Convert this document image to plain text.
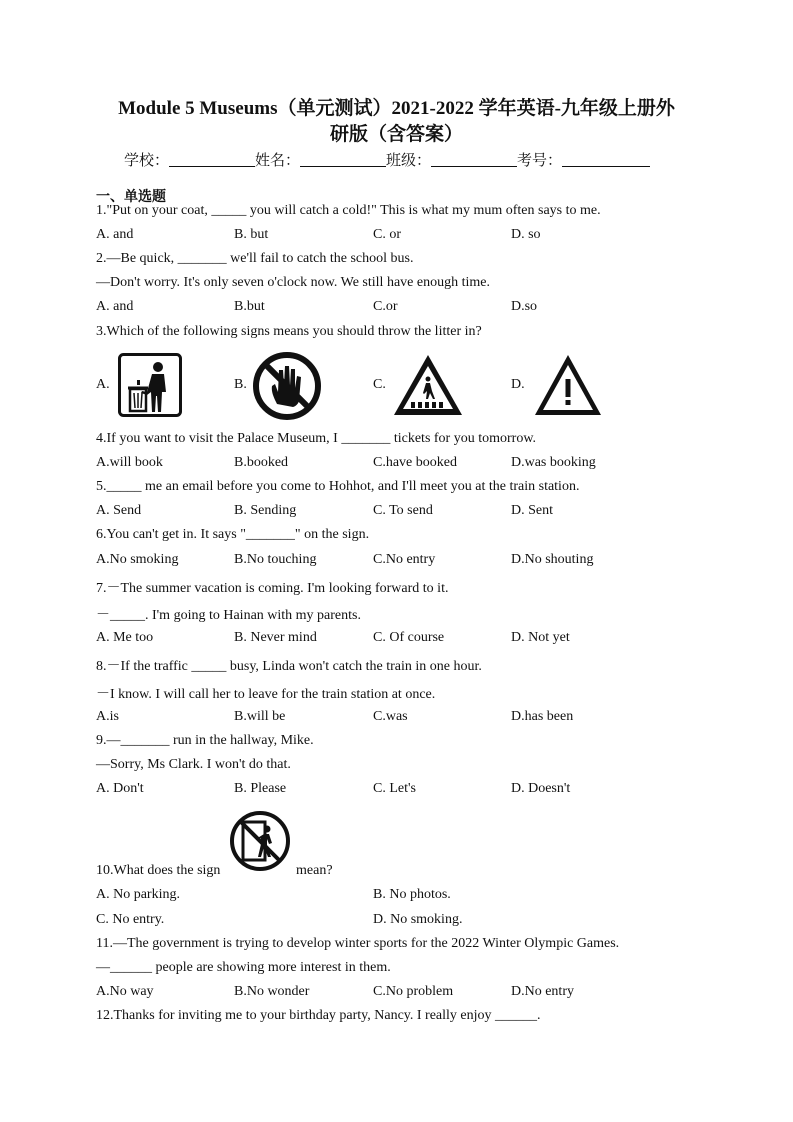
Module 5 Museums（单元测试）2021-2022 学年英语-九年级上册外
研版（含答案）
学校：	姓名：	班级：	考号：
一、单选题
1."Put on your coat, _____ you will catch a cold!" This is what my mum often says to me.
A. and	B. but	C. or	D. so
2.—Be quick, _______ we'll fail to catch the school bus.
—Don't worry. It's only seven o'clock now. We still have enough time.
A. and	B.but	C.or	D.so
3.Which of the following signs means you should throw the litter in?
A.	B.	C.	D.
4.If you want to visit the Palace Museum, I _______ tickets for you tomorrow.
A.will book	B.booked	C.have booked	D.was booking
5._____ me an email before you come to Hohhot, and I'll meet you at the train station.
A. Send	B. Sending	C. To send	D. Sent
6.You can't get in. It says "_______" on the sign.
A.No smoking	B.No touching	C.No entry	D.No shouting
7.－The summer vacation is coming. I'm looking forward to it.
－_____. I'm going to Hainan with my parents.
A. Me too	B. Never mind	C. Of course	D. Not yet
8.－If the traffic _____ busy, Linda won't catch the train in one hour.
－I know. I will call her to leave for the train station at once.
A.is	B.will be	C.was	D.has been
9.—_______ run in the hallway, Mike.
—Sorry, Ms Clark. I won't do that.
A. Don't	B. Please	C. Let's	D. Doesn't
10.What does the sign	mean?
A. No parking.	B. No photos.
C. No entry.	D. No smoking.
11.—The government is trying to develop winter sports for the 2022 Winter Olympic Games.
—______ people are showing more interest in them.
A.No way	B.No wonder	C.No problem	D.No entry
12.Thanks for inviting me to your birthday party, Nancy. I really enjoy ______.
